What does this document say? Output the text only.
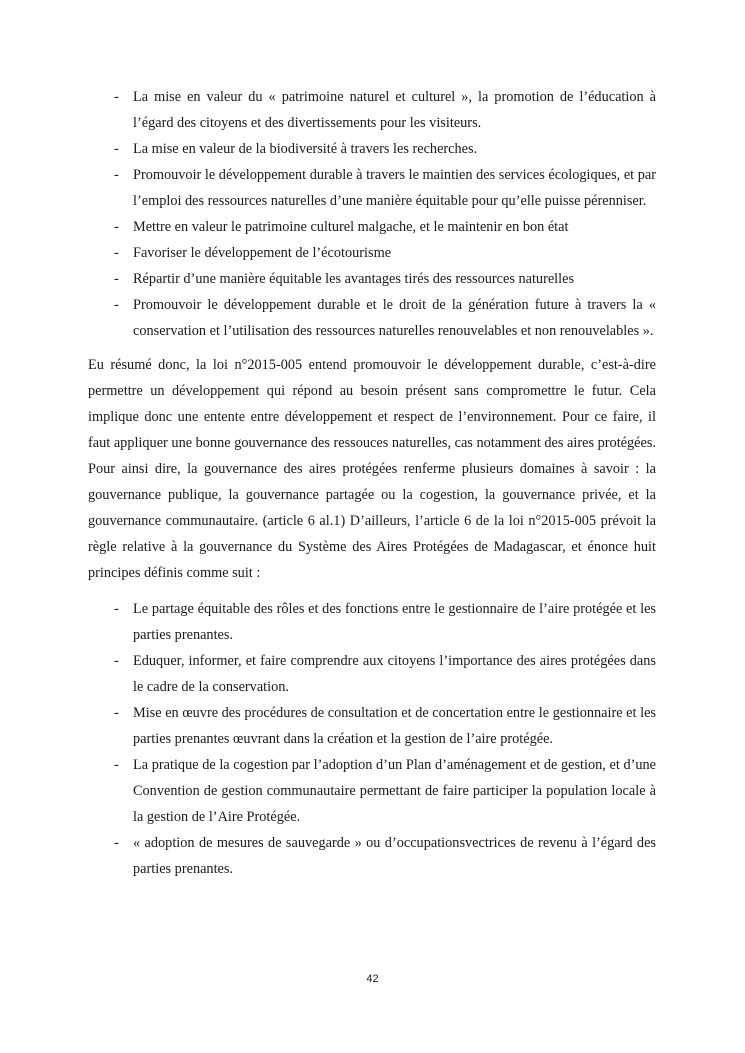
- La mise en valeur du « patrimoine naturel et culturel », la promotion de l’éducation à l’égard des citoyens et des divertissements pour les visiteurs.
- La mise en valeur de la biodiversité à travers les recherches.
- Promouvoir le développement durable à travers le maintien des services écologiques, et par l’emploi des ressources naturelles d’une manière équitable pour qu’elle puisse pérenniser.
- Mettre en valeur le patrimoine culturel malgache, et le maintenir en bon état
- Favoriser le développement de l’écotourisme
- Répartir d’une manière équitable les avantages tirés des ressources naturelles
- Promouvoir le développement durable et le droit de la génération future à travers la « conservation et l’utilisation des ressources naturelles renouvelables et non renouvelables ».

Eu résumé donc, la loi n°2015-005 entend promouvoir le développement durable, c’est-à-dire permettre un développement qui répond au besoin présent sans compromettre le futur. Cela implique donc une entente entre développement et respect de l’environnement. Pour ce faire, il faut appliquer une bonne gouvernance des ressouces naturelles, cas notamment des aires protégées. Pour ainsi dire, la gouvernance des aires protégées renferme plusieurs domaines à savoir : la gouvernance publique, la gouvernance partagée ou la cogestion, la gouvernance privée, et la gouvernance communautaire. (article 6 al.1) D’ailleurs, l’article 6 de la loi n°2015-005 prévoit la règle relative à la gouvernance du Système des Aires Protégées de Madagascar, et énonce huit principes définis comme suit :

- Le partage équitable des rôles et des fonctions entre le gestionnaire de l’aire protégée et les parties prenantes.
- Eduquer, informer, et faire comprendre aux citoyens l’importance des aires protégées dans le cadre de la conservation.
- Mise en œuvre des procédures de consultation et de concertation entre le gestionnaire et les parties prenantes œuvrant dans la création et la gestion de l’aire protégée.
- La pratique de la cogestion par l’adoption d’un Plan d’aménagement et de gestion, et d’une Convention de gestion communautaire permettant de faire participer la population locale à la gestion de l’Aire Protégée.
- « adoption de mesures de sauvegarde » ou d’occupationsvectrices de revenu à l’égard des parties prenantes.
42
